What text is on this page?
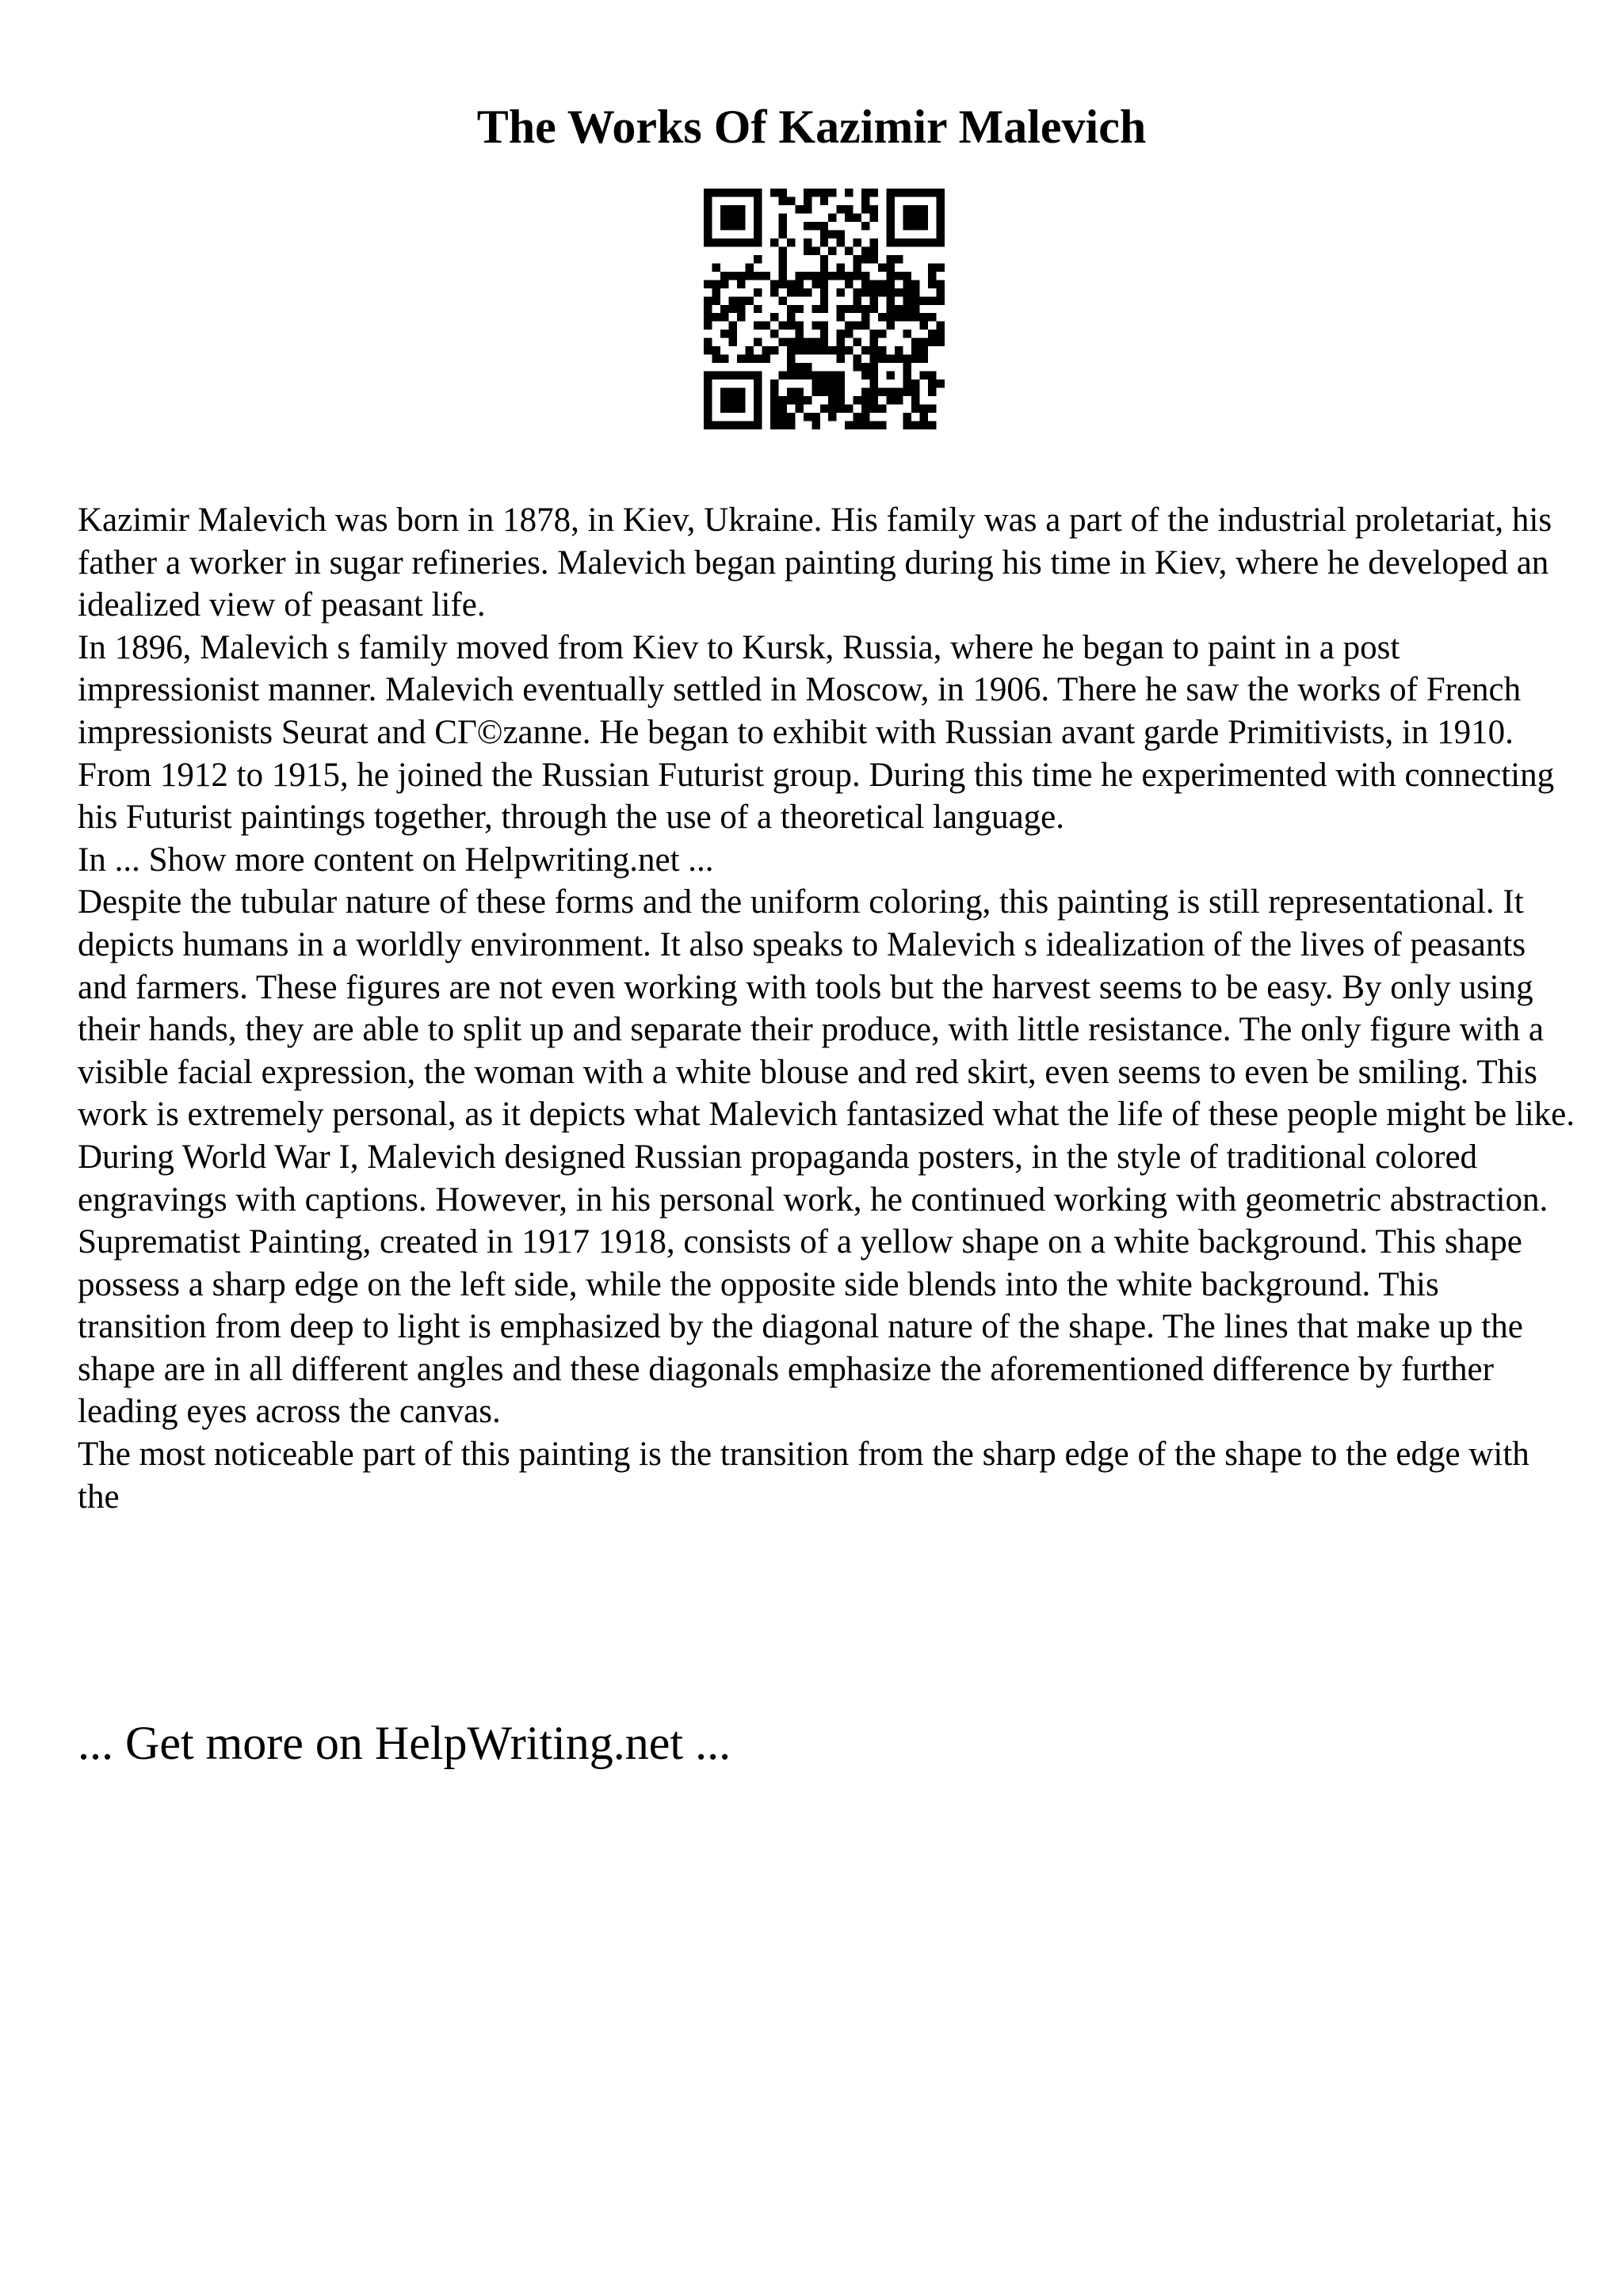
The Works Of Kazimir Malevich

Kazimir Malevich was born in 1878, in Kiev, Ukraine. His family was a part of the industrial proletariat, his father a worker in sugar refineries. Malevich began painting during his time in Kiev, where he developed an idealized view of peasant life.

In 1896, Malevich s family moved from Kiev to Kursk, Russia, where he began to paint in a post impressionist manner. Malevich eventually settled in Moscow, in 1906. There he saw the works of French impressionists Seurat and CΓ©zanne. He began to exhibit with Russian avant garde Primitivists, in 1910. From 1912 to 1915, he joined the Russian Futurist group. During this time he experimented with connecting his Futurist paintings together, through the use of a theoretical language.

In ... Show more content on Helpwriting.net ...

Despite the tubular nature of these forms and the uniform coloring, this painting is still representational. It depicts humans in a worldly environment. It also speaks to Malevich s idealization of the lives of peasants and farmers. These figures are not even working with tools but the harvest seems to be easy. By only using their hands, they are able to split up and separate their produce, with little resistance. The only figure with a visible facial expression, the woman with a white blouse and red skirt, even seems to even be smiling. This work is extremely personal, as it depicts what Malevich fantasized what the life of these people might be like.

During World War I, Malevich designed Russian propaganda posters, in the style of traditional colored engravings with captions. However, in his personal work, he continued working with geometric abstraction.

Suprematist Painting, created in 1917 1918, consists of a yellow shape on a white background. This shape possess a sharp edge on the left side, while the opposite side blends into the white background. This transition from deep to light is emphasized by the diagonal nature of the shape. The lines that make up the shape are in all different angles and these diagonals emphasize the aforementioned difference by further leading eyes across the canvas.

The most noticeable part of this painting is the transition from the sharp edge of the shape to the edge with the

... Get more on HelpWriting.net ...
